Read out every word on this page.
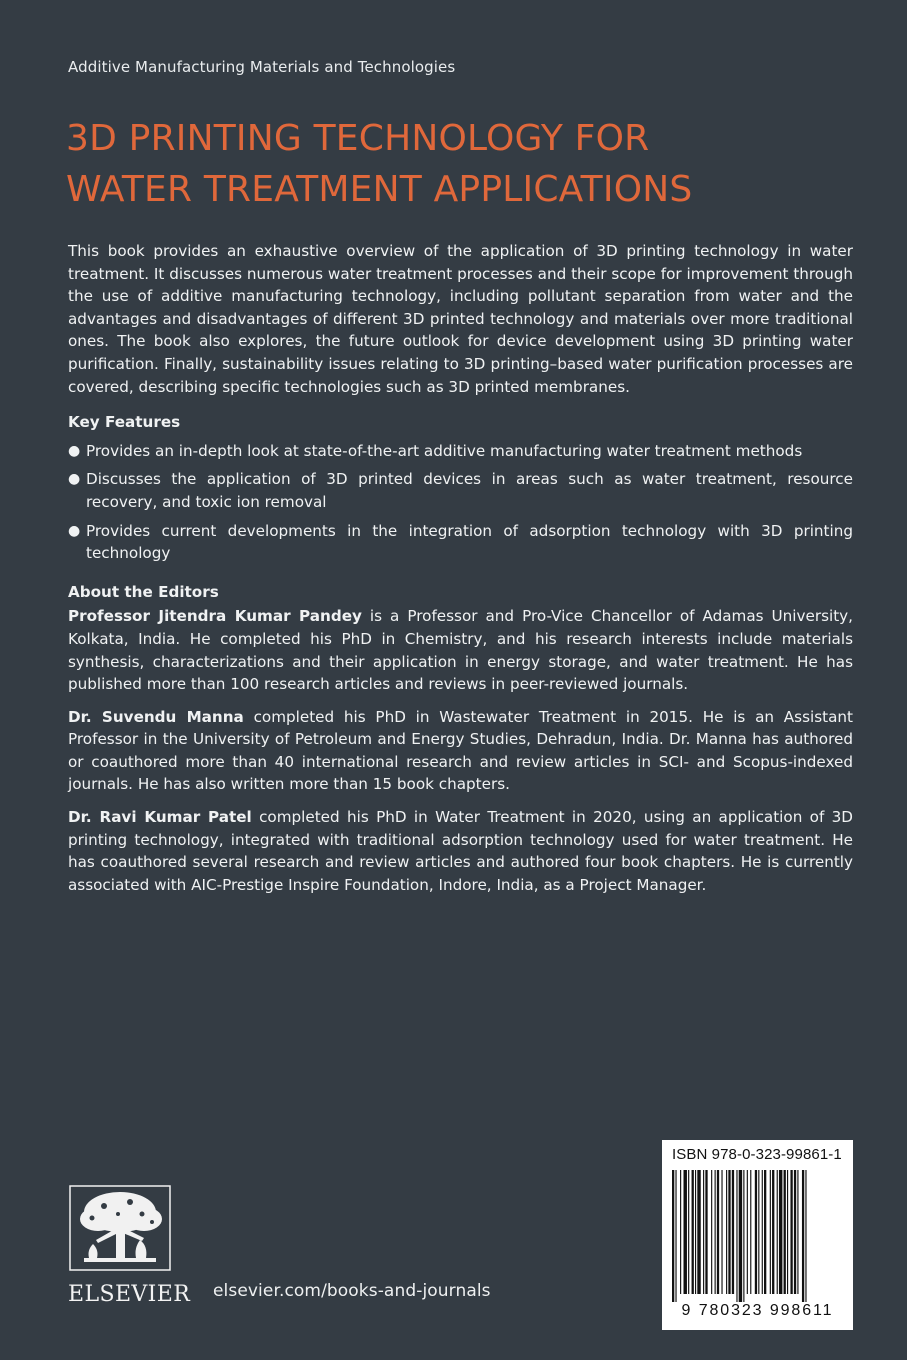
Additive Manufacturing Materials and Technologies
3D PRINTING TECHNOLOGY FOR
WATER TREATMENT APPLICATIONS

This book provides an exhaustive overview of the application of 3D printing technology in water treatment. It discusses numerous water treatment processes and their scope for improvement through the use of additive manufacturing technology, including pollutant separation from water and the advantages and disadvantages of different 3D printed technology and materials over more traditional ones. The book also explores, the future outlook for device development using 3D printing water purification. Finally, sustainability issues relating to 3D printing–based water purification processes are covered, describing specific technologies such as 3D printed membranes.

Key Features
● Provides an in-depth look at state-of-the-art additive manufacturing water treatment methods
● Discusses the application of 3D printed devices in areas such as water treatment, resource recovery, and toxic ion removal
● Provides current developments in the integration of adsorption technology with 3D printing technology
About the Editors

Professor Jitendra Kumar Pandey is a Professor and Pro-Vice Chancellor of Adamas University, Kolkata, India. He completed his PhD in Chemistry, and his research interests include materials synthesis, characterizations and their application in energy storage, and water treatment. He has published more than 100 research articles and reviews in peer-reviewed journals.

Dr. Suvendu Manna completed his PhD in Wastewater Treatment in 2015. He is an Assistant Professor in the University of Petroleum and Energy Studies, Dehradun, India. Dr. Manna has authored or coauthored more than 40 international research and review articles in SCI- and Scopus-indexed journals. He has also written more than 15 book chapters.

Dr. Ravi Kumar Patel completed his PhD in Water Treatment in 2020, using an application of 3D printing technology, integrated with traditional adsorption technology used for water treatment. He has coauthored several research and review articles and authored four book chapters. He is currently associated with AIC-Prestige Inspire Foundation, Indore, India, as a Project Manager.

ELSEVIER elsevier.com/books-and-journals
ISBN 978-0-323-99861-1
9 780323 998611
